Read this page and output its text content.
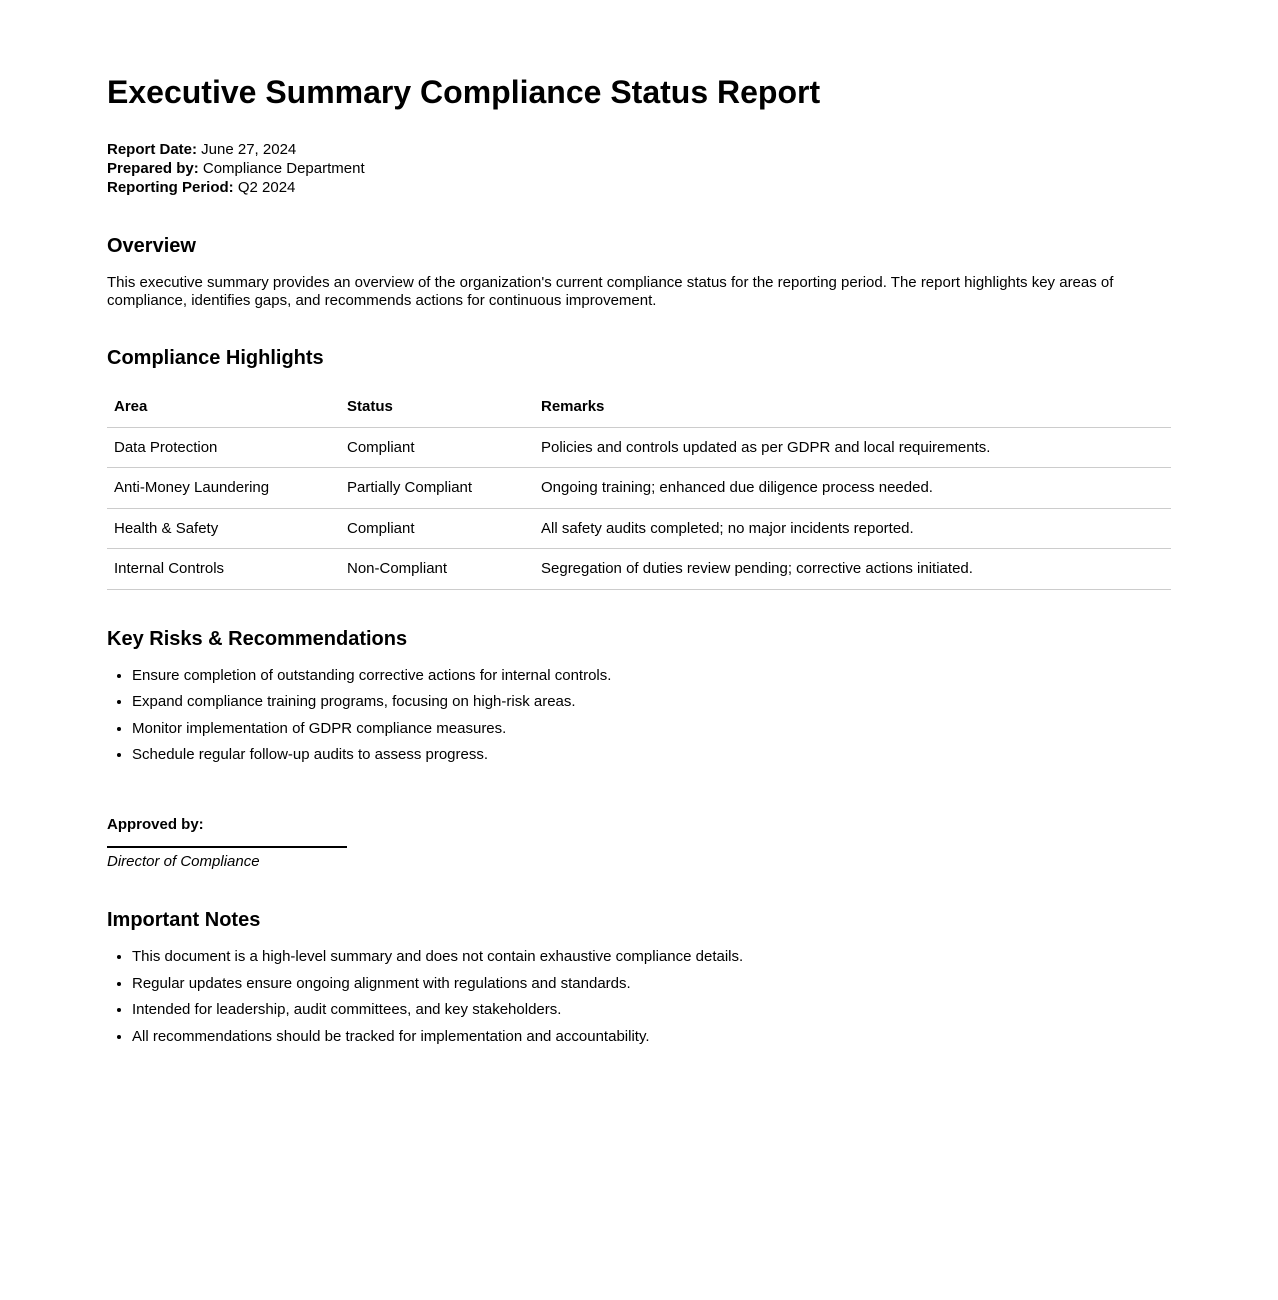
Executive Summary Compliance Status Report
Report Date: June 27, 2024
Prepared by: Compliance Department
Reporting Period: Q2 2024
Overview

This executive summary provides an overview of the organization's current compliance status for the reporting period. The report highlights key areas of compliance, identifies gaps, and recommends actions for continuous improvement.

Compliance Highlights
Area	Status	Remarks
Data Protection	Compliant	Policies and controls updated as per GDPR and local requirements.
Anti-Money Laundering	Partially Compliant	Ongoing training; enhanced due diligence process needed.
Health & Safety	Compliant	All safety audits completed; no major incidents reported.
Internal Controls	Non-Compliant	Segregation of duties review pending; corrective actions initiated.
Key Risks & Recommendations
• Ensure completion of outstanding corrective actions for internal controls.
• Expand compliance training programs, focusing on high-risk areas.
• Monitor implementation of GDPR compliance measures.
• Schedule regular follow-up audits to assess progress.

Approved by:

Director of Compliance

Important Notes
• This document is a high-level summary and does not contain exhaustive compliance details.
• Regular updates ensure ongoing alignment with regulations and standards.
• Intended for leadership, audit committees, and key stakeholders.
• All recommendations should be tracked for implementation and accountability.
